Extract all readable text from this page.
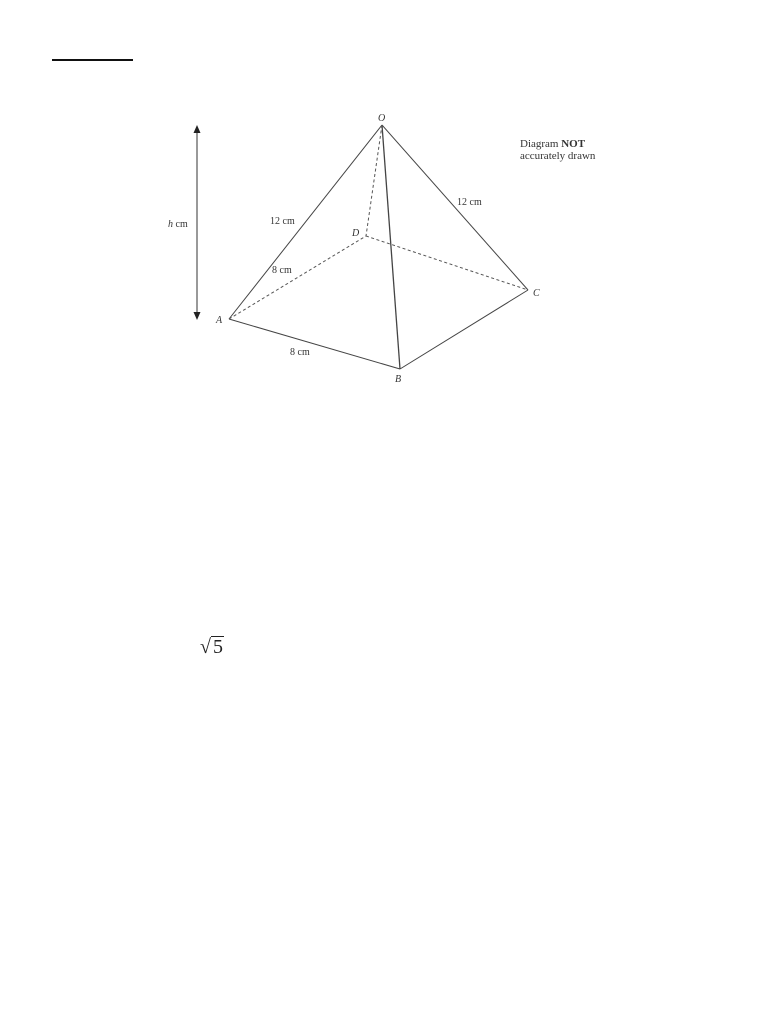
O
A
B
C
D
12 cm
12 cm
8 cm
8 cm
h cm
Diagram NOT
accurately drawn
√ 5
